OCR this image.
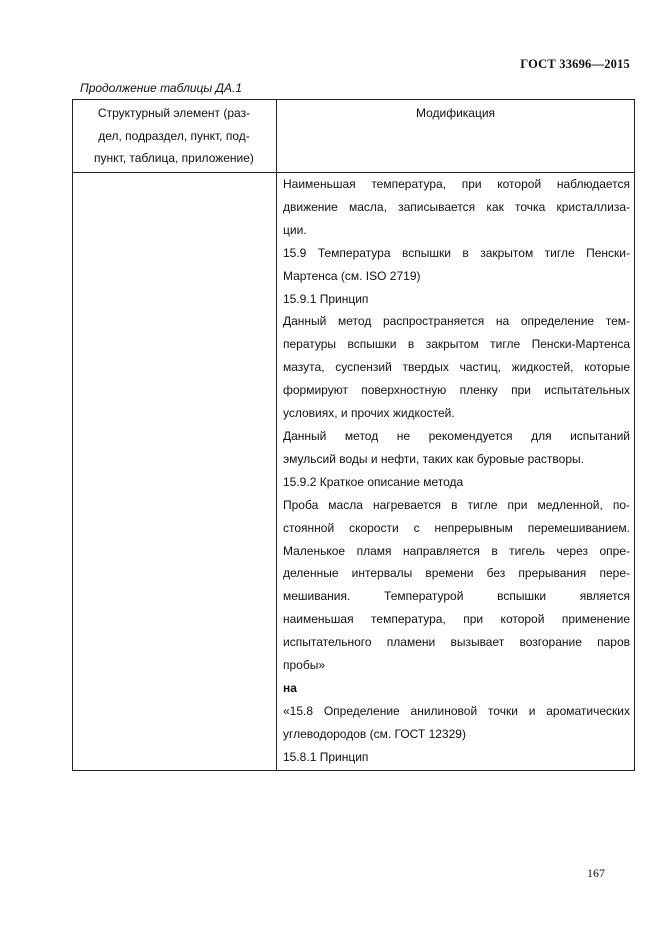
ГОСТ 33696—2015
Продолжение таблицы ДА.1
Структурный элемент (раз-
дел, подраздел, пункт, под-
пункт, таблица, приложение)
Модификация
Наименьшая температура, при которой наблюдается
движение масла, записывается как точка кристаллиза-
ции.
15.9 Температура вспышки в закрытом тигле Пенски-
Мартенса (см. ISO 2719)
15.9.1 Принцип
Данный метод распространяется на определение тем-
пературы вспышки в закрытом тигле Пенски-Мартенса
мазута, суспензий твердых частиц, жидкостей, которые
формируют поверхностную пленку при испытательных
условиях, и прочих жидкостей.
Данный метод не рекомендуется для испытаний
эмульсий воды и нефти, таких как буровые растворы.
15.9.2 Краткое описание метода
Проба масла нагревается в тигле при медленной, по-
стоянной скорости с непрерывным перемешиванием.
Маленькое пламя направляется в тигель через опре-
деленные интервалы времени без прерывания пере-
мешивания. Температурой вспышки является
наименьшая температура, при которой применение
испытательного пламени вызывает возгорание паров
пробы»
на
«15.8 Определение анилиновой точки и ароматических
углеводородов (см. ГОСТ 12329)
15.8.1 Принцип
167
